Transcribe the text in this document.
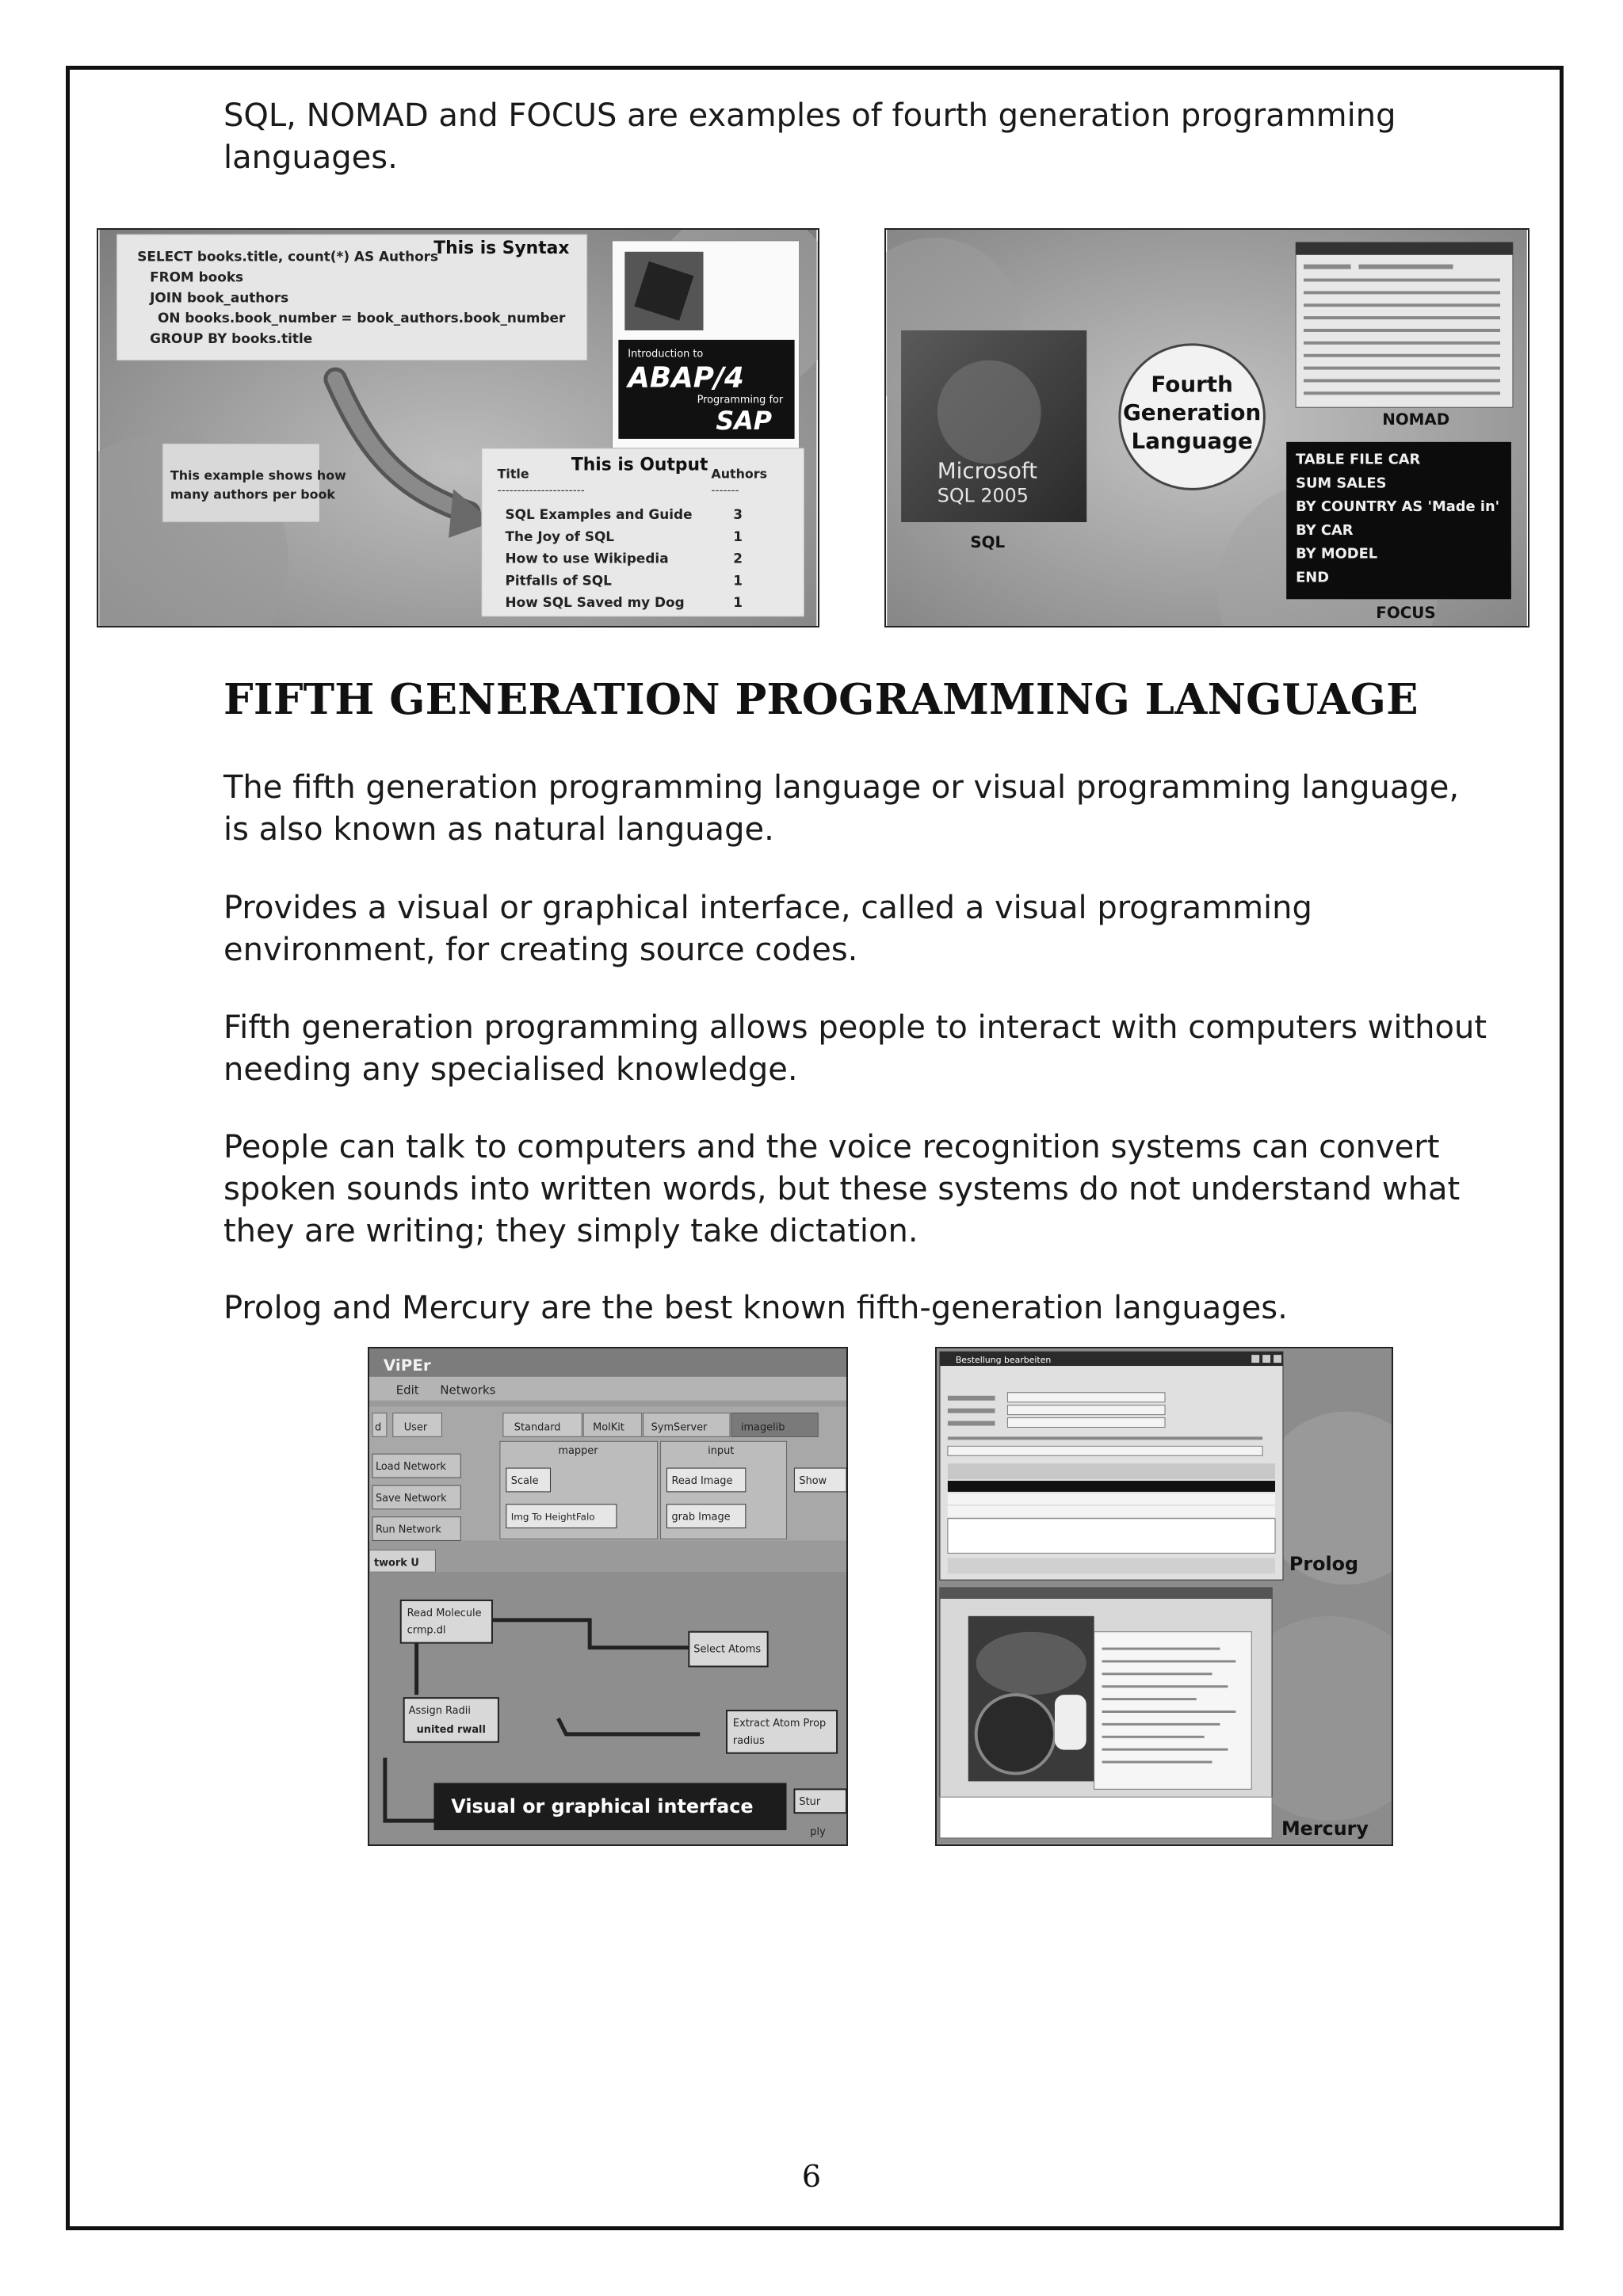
SQL, NOMAD and FOCUS are examples of fourth generation programming languages.

This is Syntax
SELECT books.title, count(*) AS Authors
FROM books
JOIN book_authors
ON books.book_number = book_authors.book_number
GROUP BY books.title
Introduction to
ABAP/4
Programming for
SAP
This example shows how
many authors per book
This is Output
Title	Authors
----------------------	-------
SQL Examples and Guide	3
The Joy of SQL	1
How to use Wikipedia	2
Pitfalls of SQL	1
How SQL Saved my Dog	1
Microsoft
SQL 2005
SQL
Fourth
Generation
Language
NOMAD
TABLE FILE CAR
SUM SALES
BY COUNTRY AS 'Made in'
BY CAR
BY MODEL
END
FOCUS
FIFTH GENERATION PROGRAMMING LANGUAGE

The fifth generation programming language or visual programming language, is also known as natural language.

Provides a visual or graphical interface, called a visual programming environment, for creating source codes.

Fifth generation programming allows people to interact with computers without needing any specialised knowledge.

People can talk to computers and the voice recognition systems can convert spoken sounds into written words, but these systems do not understand what they are writing; they simply take dictation.

Prolog and Mercury are the best known fifth-generation languages.

ViPEr
Edit Networks
d User	Standard	MolKit	SymServer	imagelib
Load Network
Save Network
Run Network
mapper
Scale
Img To HeightFalo
input
Read Image
grab Image
Show
twork U
Read Molecule
crmp.dl
Select Atoms
Assign Radii
united rwall
Extract Atom Prop
radius
Stur
ply
Visual or graphical interface
Bestellung bearbeiten
Prolog
Mercury
6
